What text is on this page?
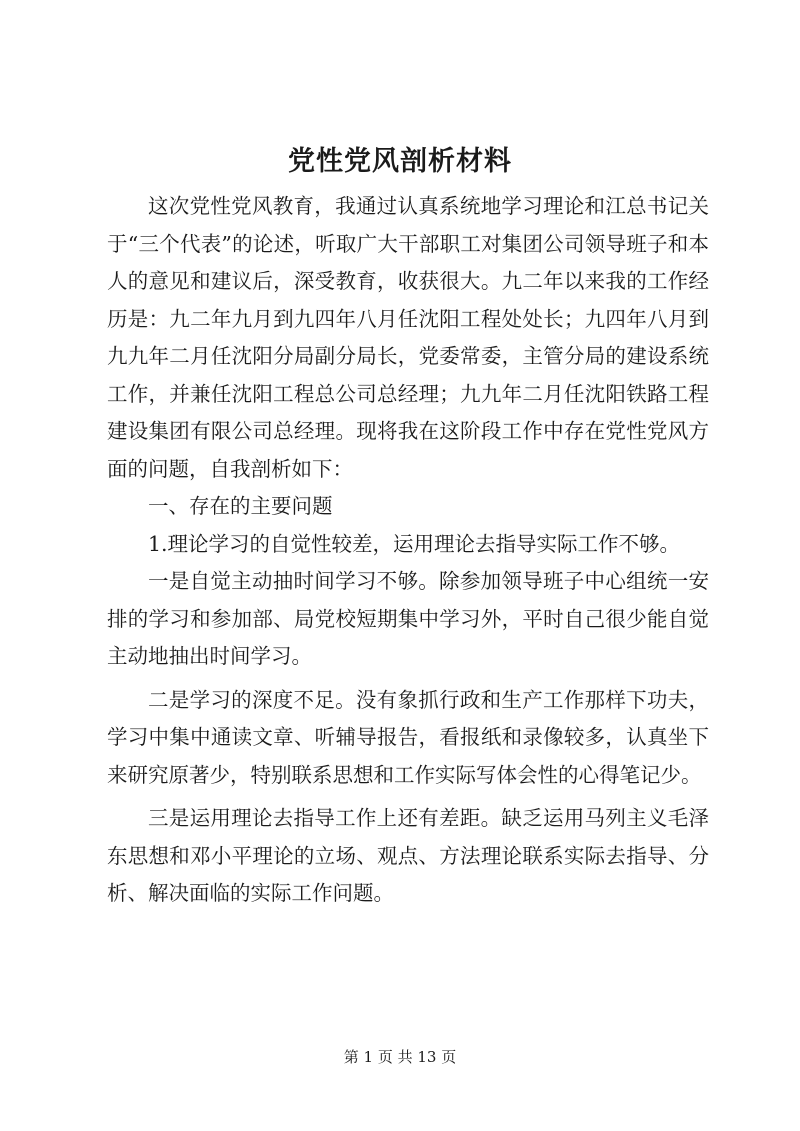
党性党风剖析材料

这次党性党风教育，我通过认真系统地学习理论和江总书记关于“三个代表”的论述，听取广大干部职工对集团公司领导班子和本人的意见和建议后，深受教育，收获很大。九二年以来我的工作经历是：九二年九月到九四年八月任沈阳工程处处长；九四年八月到九九年二月任沈阳分局副分局长，党委常委，主管分局的建设系统工作，并兼任沈阳工程总公司总经理；九九年二月任沈阳铁路工程建设集团有限公司总经理。现将我在这阶段工作中存在党性党风方面的问题，自我剖析如下：

一、存在的主要问题

1.理论学习的自觉性较差，运用理论去指导实际工作不够。

一是自觉主动抽时间学习不够。除参加领导班子中心组统一安排的学习和参加部、局党校短期集中学习外，平时自己很少能自觉主动地抽出时间学习。

二是学习的深度不足。没有象抓行政和生产工作那样下功夫，学习中集中通读文章、听辅导报告，看报纸和录像较多，认真坐下来研究原著少，特别联系思想和工作实际写体会性的心得笔记少。

三是运用理论去指导工作上还有差距。缺乏运用马列主义毛泽东思想和邓小平理论的立场、观点、方法理论联系实际去指导、分析、解决面临的实际工作问题。

第 1 页 共 13 页
